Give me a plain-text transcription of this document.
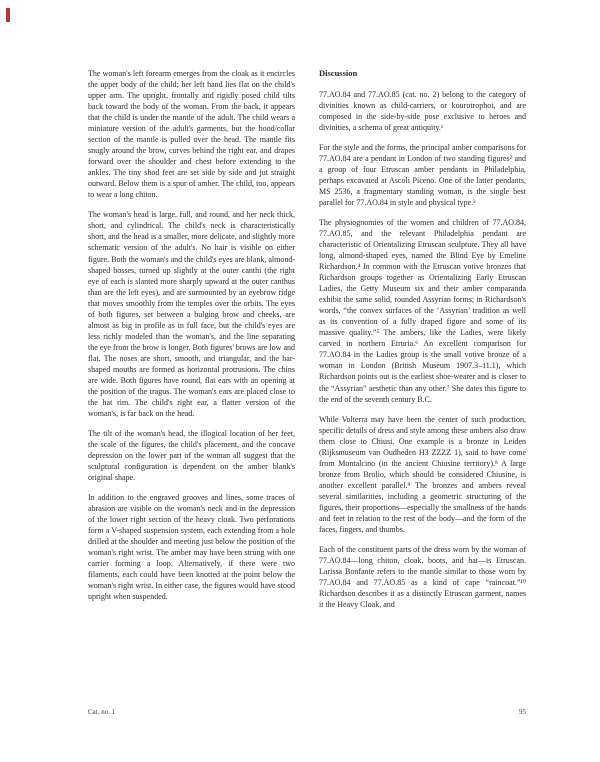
The woman's left forearm emerges from the cloak as it encircles the upper body of the child; her left hand lies flat on the child's upper arm. The upright, frontally and rigidly posed child tilts back toward the body of the woman. From the back, it appears that the child is under the mantle of the adult. The child wears a miniature version of the adult's garments, but the hood/collar section of the mantle is pulled over the head. The mantle fits snugly around the brow, curves behind the right ear, and drapes forward over the shoulder and chest before extending to the ankles. The tiny shod feet are set side by side and jut straight outward. Below them is a spur of amber. The child, too, appears to wear a long chiton.

The woman's head is large, full, and round, and her neck thick, short, and cylindrical. The child's neck is characteristically short, and the head is a smaller, more delicate, and slightly more schematic version of the adult's. No hair is visible on either figure. Both the woman's and the child's eyes are blank, almond-shaped bosses, turned up slightly at the outer canthi (the right eye of each is slanted more sharply upward at the outer canthus than are the left eyes), and are surmounted by an eyebrow ridge that moves smoothly from the temples over the orbits. The eyes of both figures, set between a bulging brow and cheeks, are almost as big in profile as in full face, but the child's eyes are less richly modeled than the woman's, and the line separating the eye from the brow is longer. Both figures' brows are low and flat. The noses are short, smooth, and triangular, and the bar-shaped mouths are formed as horizontal protrusions. The chins are wide. Both figures have round, flat ears with an opening at the position of the tragus. The woman's ears are placed close to the hat rim. The child's right ear, a flatter version of the woman's, is far back on the head.

The tilt of the woman's head, the illogical location of her feet, the scale of the figures, the child's placement, and the concave depression on the lower part of the woman all suggest that the sculptural configuration is dependent on the amber blank's original shape.

In addition to the engraved grooves and lines, some traces of abrasion are visible on the woman's neck and in the depression of the lower right section of the heavy cloak. Two perforations form a V-shaped suspension system, each extending from a hole drilled at the shoulder and meeting just below the position of the woman's right wrist. The amber may have been strung with one carrier forming a loop. Alternatively, if there were two filaments, each could have been knotted at the point below the woman's right wrist. In either case, the figures would have stood upright when suspended.

Discussion

77.AO.84 and 77.AO.85 (cat. no. 2) belong to the category of divinities known as child-carriers, or kourotrophoi, and are composed in the side-by-side pose exclusive to heroes and divinities, a schema of great antiquity.¹

For the style and the forms, the principal amber comparisons for 77.AO.84 are a pendant in London of two standing figures² and a group of four Etruscan amber pendants in Philadelphia, perhaps excavated at Ascoli Piceno. One of the latter pendants, MS 2536, a fragmentary standing woman, is the single best parallel for 77.AO.84 in style and physical type.³

The physiognomies of the women and children of 77.AO.84, 77.AO.85, and the relevant Philadelphia pendant are characteristic of Orientalizing Etruscan sculpture. They all have long, almond-shaped eyes, named the Blind Eye by Emeline Richardson.⁴ In common with the Etruscan votive bronzes that Richardson groups together as Orientalizing Early Etruscan Ladies, the Getty Museum six and their amber comparanda exhibit the same solid, rounded Assyrian forms; in Richardson's words, “the convex surfaces of the ‘Assyrian’ tradition as well as its convention of a fully draped figure and some of its massive quality.”⁵ The ambers, like the Ladies, were likely carved in northern Etruria.⁶ An excellent comparison for 77.AO.84 in the Ladies group is the small votive bronze of a woman in London (British Museum 1907.3–11.1), which Richardson points out is the earliest shoe-wearer and is closer to the “Assyrian” aesthetic than any other.⁷ She dates this figure to the end of the seventh century B.C.

While Volterra may have been the center of such production, specific details of dress and style among these ambers also draw them close to Chiusi. One example is a bronze in Leiden (Rijksmuseum van Oudheden H3 ZZZZ 1), said to have come from Montalcino (in the ancient Chiusine territory).⁸ A large bronze from Brolio, which should be considered Chiusine, is another excellent parallel.⁹ The bronzes and ambers reveal several similarities, including a geometric structuring of the figures, their proportions—especially the smallness of the hands and feet in relation to the rest of the body—and the form of the faces, fingers, and thumbs.

Each of the constituent parts of the dress worn by the woman of 77.AO.84—long chiton, cloak, boots, and hat—is Etruscan. Larissa Bonfante refers to the mantle similar to those worn by 77.AO.84 and 77.AO.85 as a kind of cape “raincoat.”¹⁰ Richardson describes it as a distinctly Etruscan garment, names it the Heavy Cloak, and

Cat. no. 1	95
